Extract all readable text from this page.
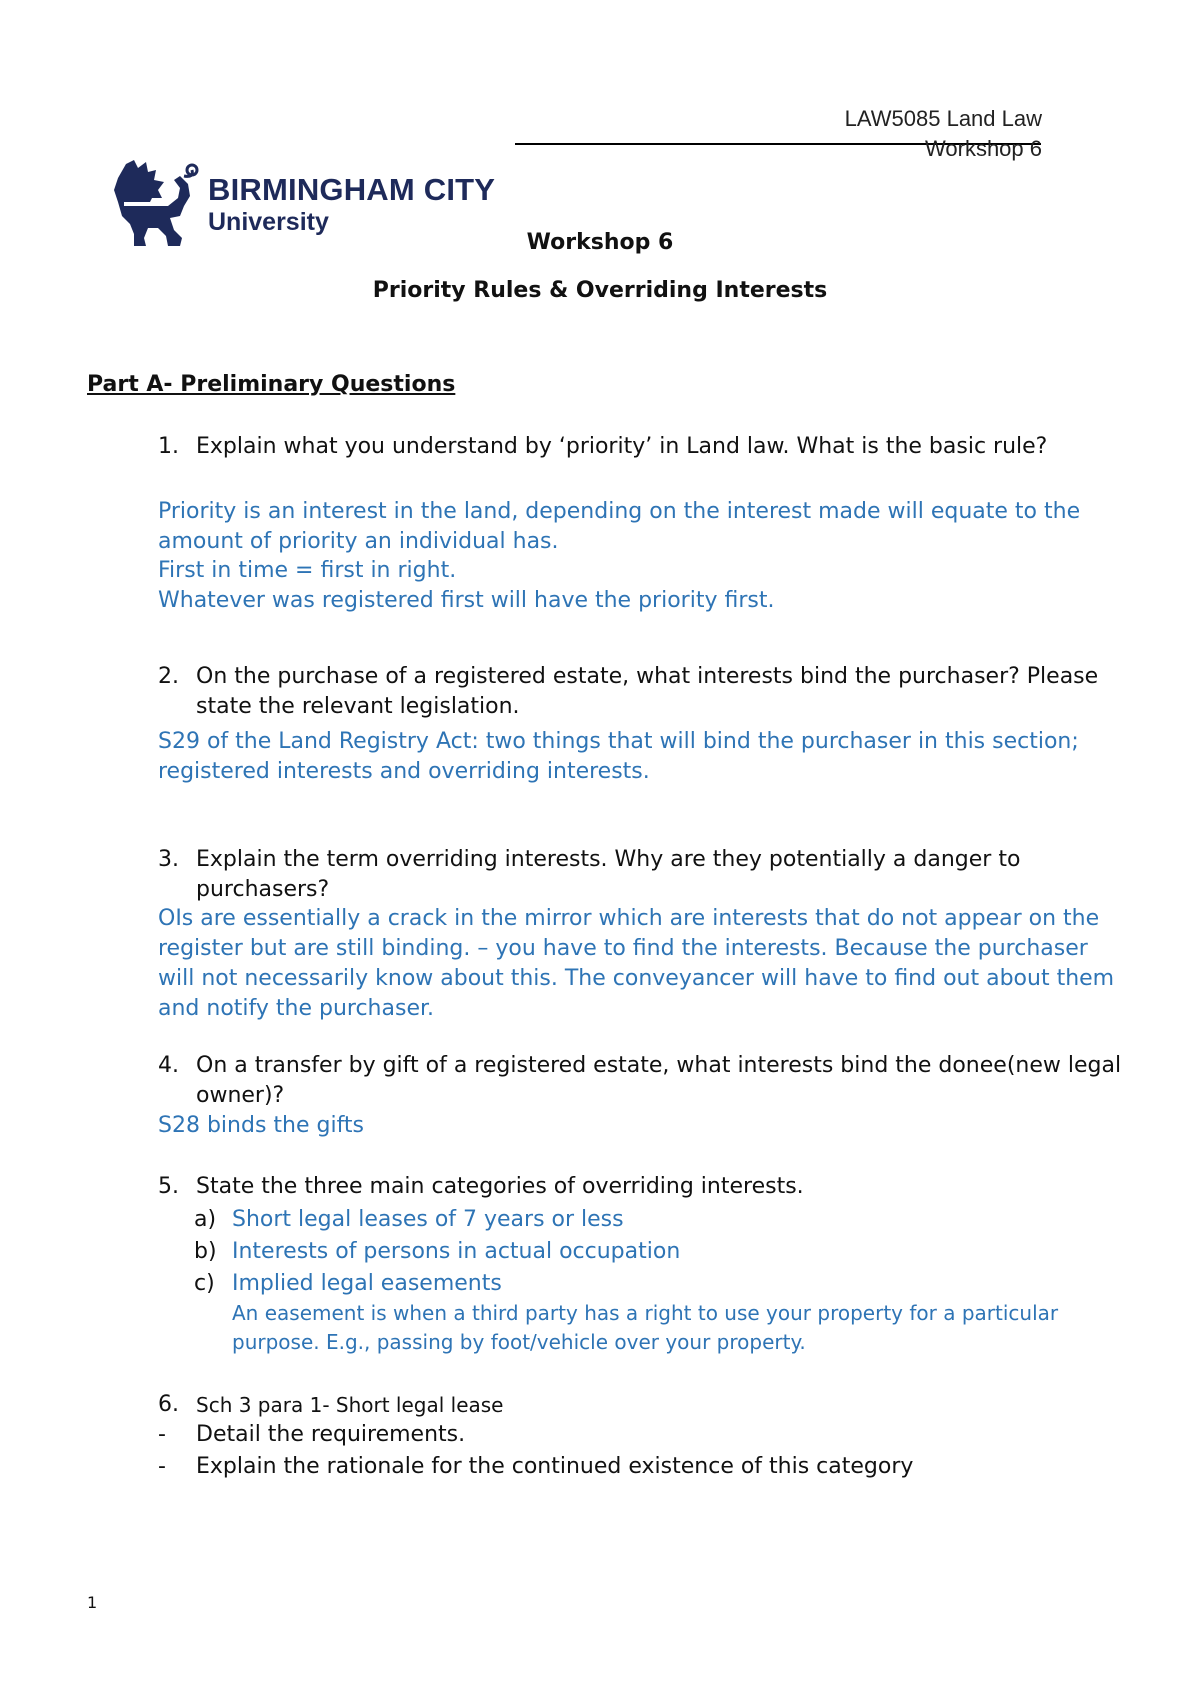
LAW5085 Land Law
Workshop 6
BIRMINGHAM CITY
University
Workshop 6
Priority Rules & Overriding Interests
Part A- Preliminary Questions
1. Explain what you understand by ‘priority’ in Land law. What is the basic rule?
Priority is an interest in the land, depending on the interest made will equate to the amount of priority an individual has.
First in time = first in right.
Whatever was registered first will have the priority first.
2. On the purchase of a registered estate, what interests bind the purchaser? Please state the relevant legislation.
S29 of the Land Registry Act: two things that will bind the purchaser in this section; registered interests and overriding interests.
3. Explain the term overriding interests. Why are they potentially a danger to purchasers?
OIs are essentially a crack in the mirror which are interests that do not appear on the register but are still binding. – you have to find the interests. Because the purchaser will not necessarily know about this. The conveyancer will have to find out about them and notify the purchaser.
4. On a transfer by gift of a registered estate, what interests bind the donee(new legal owner)?
S28 binds the gifts
5. State the three main categories of overriding interests.
a) Short legal leases of 7 years or less
b) Interests of persons in actual occupation
c) Implied legal easements
An easement is when a third party has a right to use your property for a particular purpose. E.g., passing by foot/vehicle over your property.
6. Sch 3 para 1- Short legal lease
- Detail the requirements.
- Explain the rationale for the continued existence of this category
1
